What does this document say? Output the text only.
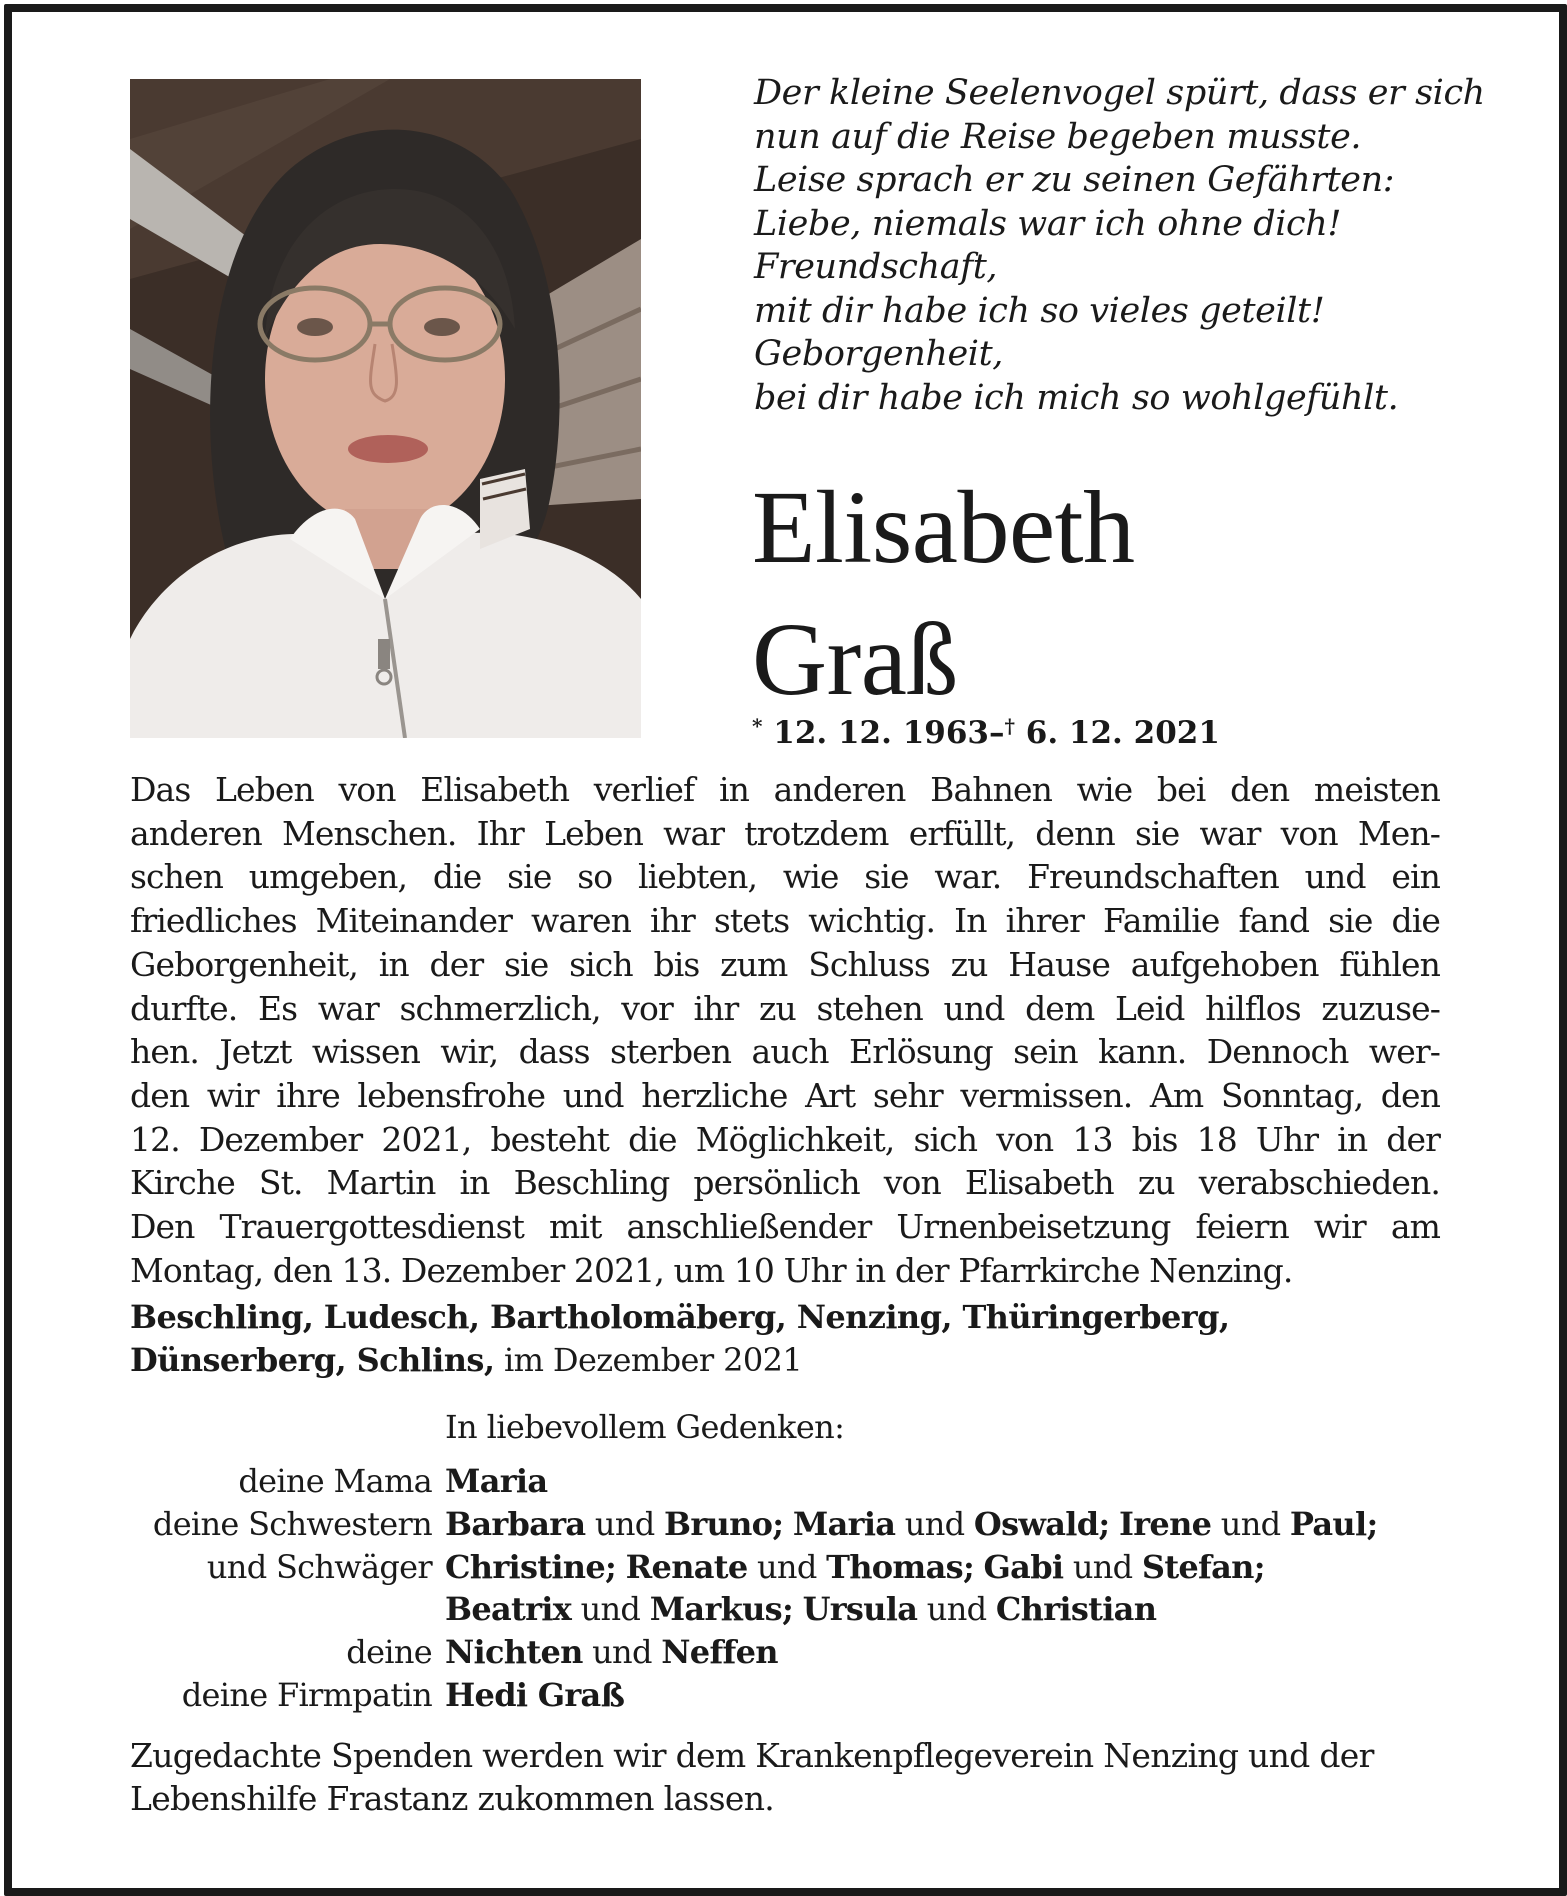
Der kleine Seelenvogel spürt, dass er sich
nun auf die Reise begeben musste.
Leise sprach er zu seinen Gefährten:
Liebe, niemals war ich ohne dich!
Freundschaft,
mit dir habe ich so vieles geteilt!
Geborgenheit,
bei dir habe ich mich so wohlgefühlt.
Elisabeth
Graß
* 12. 12. 1963–† 6. 12. 2021
Das Leben von Elisabeth verlief in anderen Bahnen wie bei den meisten
anderen Menschen. Ihr Leben war trotzdem erfüllt, denn sie war von Men-
schen umgeben, die sie so liebten, wie sie war. Freundschaften und ein
friedliches Miteinander waren ihr stets wichtig. In ihrer Familie fand sie die
Geborgenheit, in der sie sich bis zum Schluss zu Hause aufgehoben fühlen
durfte. Es war schmerzlich, vor ihr zu stehen und dem Leid hilflos zuzuse-
hen. Jetzt wissen wir, dass sterben auch Erlösung sein kann. Dennoch wer-
den wir ihre lebensfrohe und herzliche Art sehr vermissen. Am Sonntag, den
12. Dezember 2021, besteht die Möglichkeit, sich von 13 bis 18 Uhr in der
Kirche St. Martin in Beschling persönlich von Elisabeth zu verabschieden.
Den Trauergottesdienst mit anschließender Urnenbeisetzung feiern wir am
Montag, den 13. Dezember 2021, um 10 Uhr in der Pfarrkirche Nenzing.
Beschling, Ludesch, Bartholomäberg, Nenzing, Thüringerberg,
Dünserberg, Schlins, im Dezember 2021
In liebevollem Gedenken:
deine Mama Maria
deine Schwestern Barbara und Bruno; Maria und Oswald; Irene und Paul;
und Schwäger Christine; Renate und Thomas; Gabi und Stefan;
Beatrix und Markus; Ursula und Christian
deine Nichten und Neffen
deine Firmpatin Hedi Graß
Zugedachte Spenden werden wir dem Krankenpflegeverein Nenzing und der
Lebenshilfe Frastanz zukommen lassen.
